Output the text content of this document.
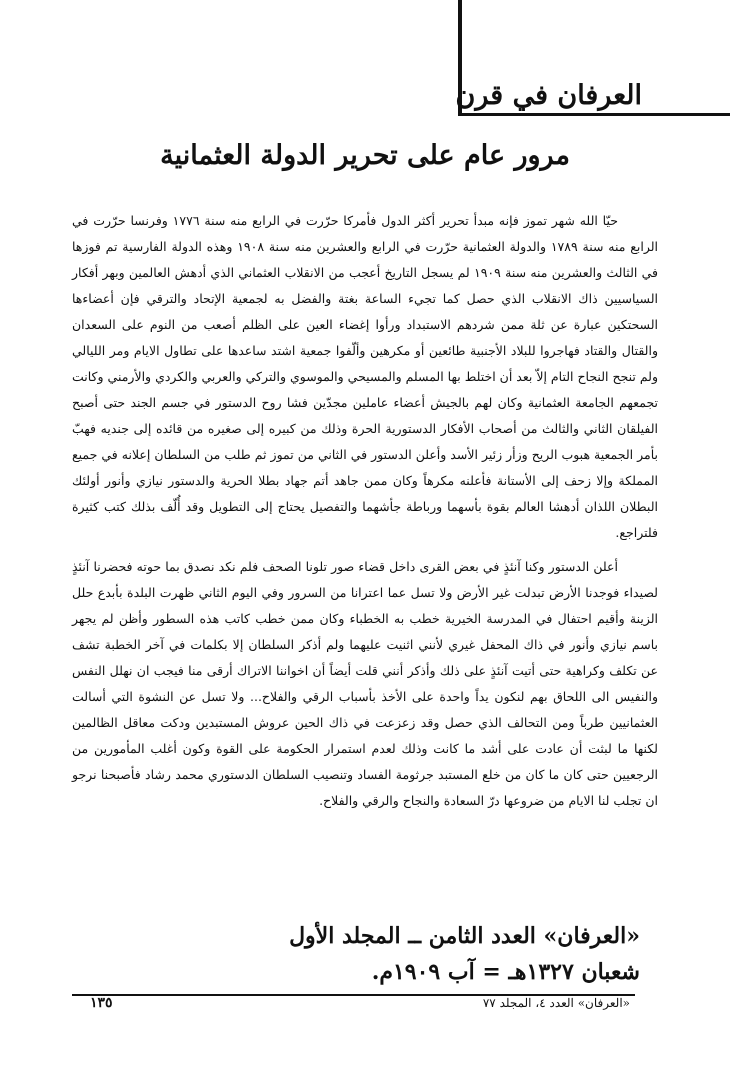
العرفان في قرن
مرور عام على تحرير الدولة العثمانية

حيّا الله شهر تموز فإنه مبدأ تحرير أكثر الدول فأمركا حرّرت في الرابع منه سنة ١٧٧٦ وفرنسا حرّرت في الرابع منه سنة ١٧٨٩ والدولة العثمانية حرّرت في الرابع والعشرين منه سنة ١٩٠٨ وهذه الدولة الفارسية تم فوزها في الثالث والعشرين منه سنة ١٩٠٩ لم يسجل التاريخ أعجب من الانقلاب العثماني الذي أدهش العالمين وبهر أفكار السياسيين ذاك الانقلاب الذي حصل كما تجيء الساعة بغتة والفضل به لجمعية الإتحاد والترقي فإن أعضاءها السحتكين عبارة عن ثلة ممن شردهم الاستبداد ورأوا إغضاء العين على الظلم أصعب من النوم على السعدان والقتال والقتاد فهاجروا للبلاد الأجنبية طائعين أو مكرهين وألّفوا جمعية اشتد ساعدها على تطاول الايام ومر الليالي ولم تنجح النجاح التام إلاّ بعد أن اختلط بها المسلم والمسيحي والموسوي والتركي والعربي والكردي والأرمني وكانت تجمعهم الجامعة العثمانية وكان لهم بالجيش أعضاء عاملين مجدّين فشا روح الدستور في جسم الجند حتى أصبح الفيلقان الثاني والثالث من أصحاب الأفكار الدستورية الحرة وذلك من كبيره إلى صغيره من قائده إلى جنديه فهبّ بأمر الجمعية هبوب الريح وزأر زئير الأسد وأعلن الدستور في الثاني من تموز ثم طلب من السلطان إعلانه في جميع المملكة وإلا زحف إلى الأستانة فأعلنه مكرهاً وكان ممن جاهد أتم جهاد بطلا الحرية والدستور نيازي وأنور أولئك البطلان اللذان أدهشا العالم بقوة بأسهما ورباطة جأشهما والتفصيل يحتاج إلى التطويل وقد أُلّف بذلك كتب كثيرة فلتراجع.

أعلن الدستور وكنا آنئذٍ في بعض القرى داخل قضاء صور تلونا الصحف فلم نكد نصدق بما حوته فحضرنا آنئذٍ لصيداء فوجدنا الأرض تبدلت غير الأرض ولا تسل عما اعترانا من السرور وفي اليوم الثاني ظهرت البلدة بأبدع حلل الزينة وأقيم احتفال في المدرسة الخيرية خطب به الخطباء وكان ممن خطب كاتب هذه السطور وأظن لم يجهر باسم نيازي وأنور في ذاك المحفل غيري لأنني اثنيت عليهما ولم أذكر السلطان إلا بكلمات في آخر الخطبة تشف عن تكلف وكراهية حتى أتيت آنئذٍ على ذلك وأذكر أنني قلت أيضاً أن اخواننا الاتراك أرقى منا فيجب ان نهلل النفس والنفيس الى اللحاق بهم لنكون يداً واحدة على الأخذ بأسباب الرقي والفلاح... ولا تسل عن النشوة التي أسالت العثمانيين طرباً ومن التحالف الذي حصل وقد زعزعت في ذاك الحين عروش المستبدين ودكت معاقل الظالمين لكنها ما لبثت أن عادت على أشد ما كانت وذلك لعدم استمرار الحكومة على القوة وكون أغلب المأمورين من الرجعيين حتى كان ما كان من خلع المستبد جرثومة الفساد وتنصيب السلطان الدستوري محمد رشاد فأصبحنا نرجو ان تجلب لنا الايام من ضروعها درّ السعادة والنجاح والرقي والفلاح.

«العرفان» العدد الثامن ــ المجلد الأول
شعبان ١٣٢٧هـ = آب ١٩٠٩م.
١٣٥	«العرفان» العدد ٤، المجلد ٧٧
